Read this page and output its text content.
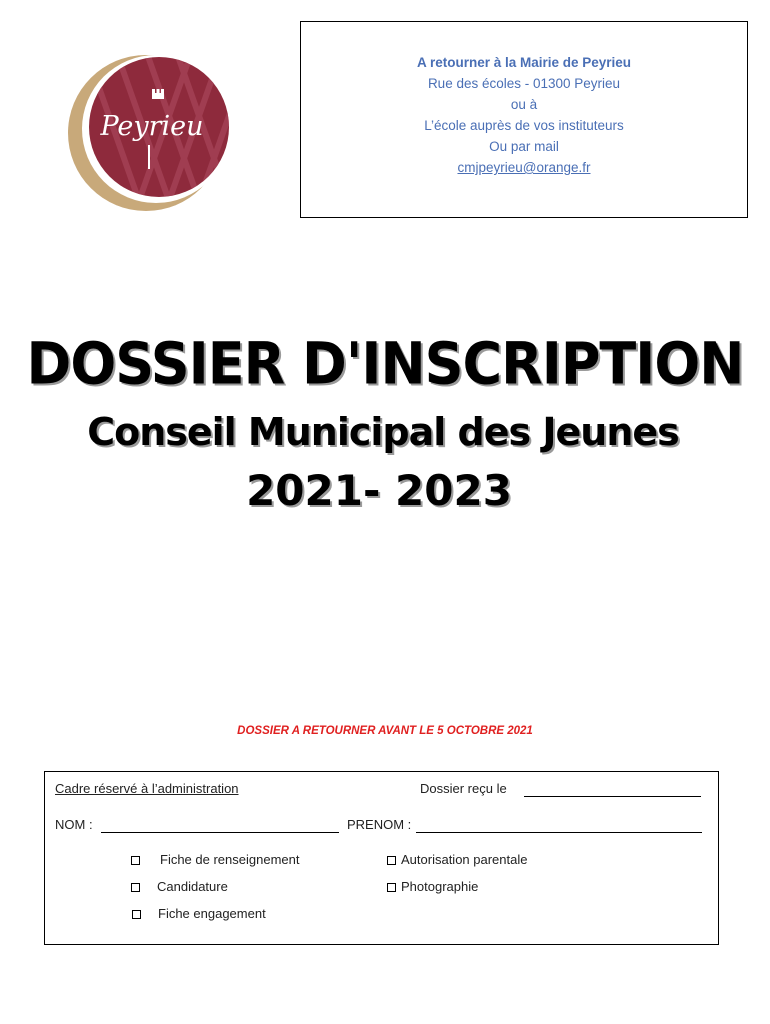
Peyrieu
A retourner à la Mairie de Peyrieu
Rue des écoles - 01300 Peyrieu
ou à
L’école auprès de vos instituteurs
Ou par mail
cmjpeyrieu@orange.fr
DOSSIER D'INSCRIPTION
Conseil Municipal des Jeunes
2021- 2023
DOSSIER A RETOURNER AVANT LE 5 OCTOBRE 2021
Cadre réservé à l’administration	Dossier reçu le
NOM :	PRENOM :
Fiche de renseignement
Candidature
Fiche engagement
Autorisation parentale
Photographie
